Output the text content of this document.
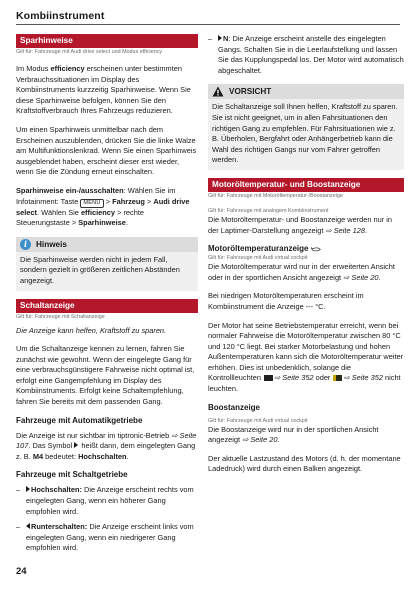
Kombiinstrument
Sparhinweise
Gilt für: Fahrzeuge mit Audi drive select und Modus efficiency

Im Modus efficiency erscheinen unter bestimmten Verbrauchssituationen im Display des Kombiinstruments kurzzeitig Sparhinweise. Wenn Sie diese Sparhinweise befolgen, können Sie den Kraftstoffverbrauch Ihres Fahrzeugs reduzieren.

Um einen Sparhinweis unmittelbar nach dem Erscheinen auszublenden, drücken Sie die linke Walze am Multifunktionslenkrad. Wenn Sie einen Sparhinweis ausgeblendet haben, erscheint dieser erst wieder, wenn Sie die Zündung erneut einschalten.

Sparhinweise ein-/ausschalten: Wählen Sie im Infotainment: Taste MENU > Fahrzeug > Audi drive select. Wählen Sie efficiency > rechte Steuerungstaste > Sparhinweise.

i	Hinweis
Die Sparhinweise werden nicht in jedem Fall, sondern gezielt in größeren zeitlichen Abständen angezeigt.
Schaltanzeige
Gilt für: Fahrzeuge mit Schaltanzeige

Die Anzeige kann helfen, Kraftstoff zu sparen.

Um die Schaltanzeige kennen zu lernen, fahren Sie zunächst wie gewohnt. Wenn der eingelegte Gang für eine verbrauchsgünstigere Fahrweise nicht optimal ist, erfolgt eine Gangempfehlung im Display des Kombiinstruments. Erfolgt keine Schaltempfehlung, fahren Sie bereits mit dem passenden Gang.

Fahrzeuge mit Automatikgetriebe

Die Anzeige ist nur sichtbar im tiptronic-Betrieb ⇨ Seite 107. Das Symbol  heißt dann, dem eingelegten Gang z. B. M4 bedeutet: Hochschalten.

Fahrzeuge mit Schaltgetriebe
–	Hochschalten: Die Anzeige erscheint rechts vom eingelegten Gang, wenn ein höherer Gang empfohlen wird.
–	Runterschalten: Die Anzeige erscheint links vom eingelegten Gang, wenn ein niedrigerer Gang empfohlen wird.
–	N: Die Anzeige erscheint anstelle des eingelegten Gangs. Schalten Sie in die Leerlaufstellung und lassen Sie das Kupplungspedal los. Der Motor wird automatisch abgeschaltet.
VORSICHT
Die Schaltanzeige soll Ihnen helfen, Kraftstoff zu sparen. Sie ist nicht geeignet, um in allen Fahrsituationen den richtigen Gang zu empfehlen. Für Fahrsituationen wie z. B. Überholen, Bergfahrt oder Anhängerbetrieb kann die Wahl des richtigen Gangs nur vom Fahrer getroffen werden.
Motoröltemperatur- und Boostanzeige
Gilt für: Fahrzeuge mit Motoröltemperatur-/Boostanzeige
Gilt für: Fahrzeuge mit analogem Kombiinstrument

Die Motoröltemperatur- und Boostanzeige werden nur in der Laptimer-Darstellung angezeigt ⇨ Seite 128.

Motoröltemperaturanzeige
Gilt für: Fahrzeuge mit Audi virtual cockpit

Die Motoröltemperatur wird nur in der erweiterten Ansicht oder in der sportlichen Ansicht angezeigt ⇨ Seite 20.

Bei niedrigen Motoröltemperaturen erscheint im Kombiinstrument die Anzeige --- °C.

Der Motor hat seine Betriebstemperatur erreicht, wenn bei normaler Fahrweise die Motoröltemperatur zwischen 80 °C und 120 °C liegt. Bei starker Motorbelastung und hohen Außentemperaturen kann sich die Motoröltemperatur weiter erhöhen. Dies ist unbedenklich, solange die Kontrollleuchten ⇨ Seite 352 oder ⇨ Seite 352 nicht leuchten.

Boostanzeige
Gilt für: Fahrzeuge mit Audi virtual cockpit

Die Boostanzeige wird nur in der sportlichen Ansicht angezeigt ⇨ Seite 20.

Der aktuelle Lastzustand des Motors (d. h. der momentane Ladedruck) wird durch einen Balken angezeigt.

24
